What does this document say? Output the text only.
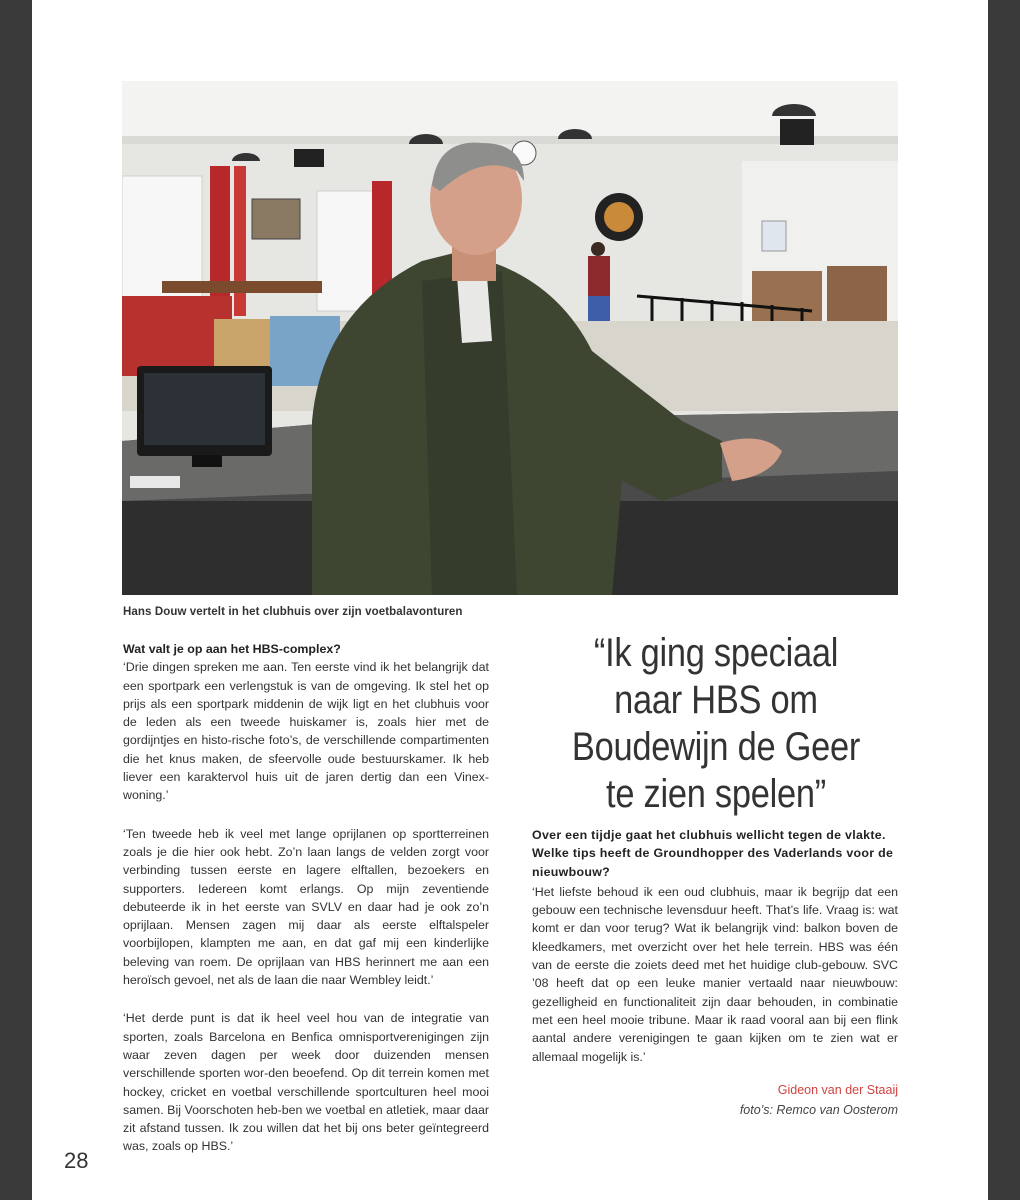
Hans Douw vertelt in het clubhuis over zijn voetbalavonturen

Wat valt je op aan het HBS-complex?

‘Drie dingen spreken me aan. Ten eerste vind ik het belangrijk dat een sportpark een verlengstuk is van de omgeving. Ik stel het op prijs als een sportpark middenin de wijk ligt en het clubhuis voor de leden als een tweede huiskamer is, zoals hier met de gordijntjes en histo-rische foto’s, de verschillende compartimenten die het knus maken, de sfeervolle oude bestuurskamer. Ik heb liever een karaktervol huis uit de jaren dertig dan een Vinex-woning.’

‘Ten tweede heb ik veel met lange oprijlanen op sportterreinen zoals je die hier ook hebt. Zo’n laan langs de velden zorgt voor verbinding tussen eerste en lagere elftallen, bezoekers en supporters. Iedereen komt erlangs. Op mijn zeventiende debuteerde ik in het eerste van SVLV en daar had je ook zo’n oprijlaan. Mensen zagen mij daar als eerste elftalspeler voorbijlopen, klampten me aan, en dat gaf mij een kinderlijke beleving van roem. De oprijlaan van HBS herinnert me aan een heroïsch gevoel, net als de laan die naar Wembley leidt.’

‘Het derde punt is dat ik heel veel hou van de integratie van sporten, zoals Barcelona en Benfica omnisportverenigingen zijn waar zeven dagen per week door duizenden mensen verschillende sporten wor-den beoefend. Op dit terrein komen met hockey, cricket en voetbal verschillende sportculturen heel mooi samen. Bij Voorschoten heb-ben we voetbal en atletiek, maar daar zit afstand tussen. Ik zou willen dat het bij ons beter geïntegreerd was, zoals op HBS.’

“Ik ging speciaal naar HBS om Boudewijn de Geer te zien spelen”

Over een tijdje gaat het clubhuis wellicht tegen de vlakte. Welke tips heeft de Groundhopper des Vaderlands voor de nieuwbouw?

‘Het liefste behoud ik een oud clubhuis, maar ik begrijp dat een gebouw een technische levensduur heeft. That’s life. Vraag is: wat komt er dan voor terug? Wat ik belangrijk vind: balkon boven de kleedkamers, met overzicht over het hele terrein. HBS was één van de eerste die zoiets deed met het huidige club-gebouw. SVC ’08 heeft dat op een leuke manier vertaald naar nieuwbouw: gezelligheid en functionaliteit zijn daar behouden, in combinatie met een heel mooie tribune. Maar ik raad vooral aan bij een flink aantal andere verenigingen te gaan kijken om te zien wat er allemaal mogelijk is.’

Gideon van der Staaij
foto’s: Remco van Oosterom
28
